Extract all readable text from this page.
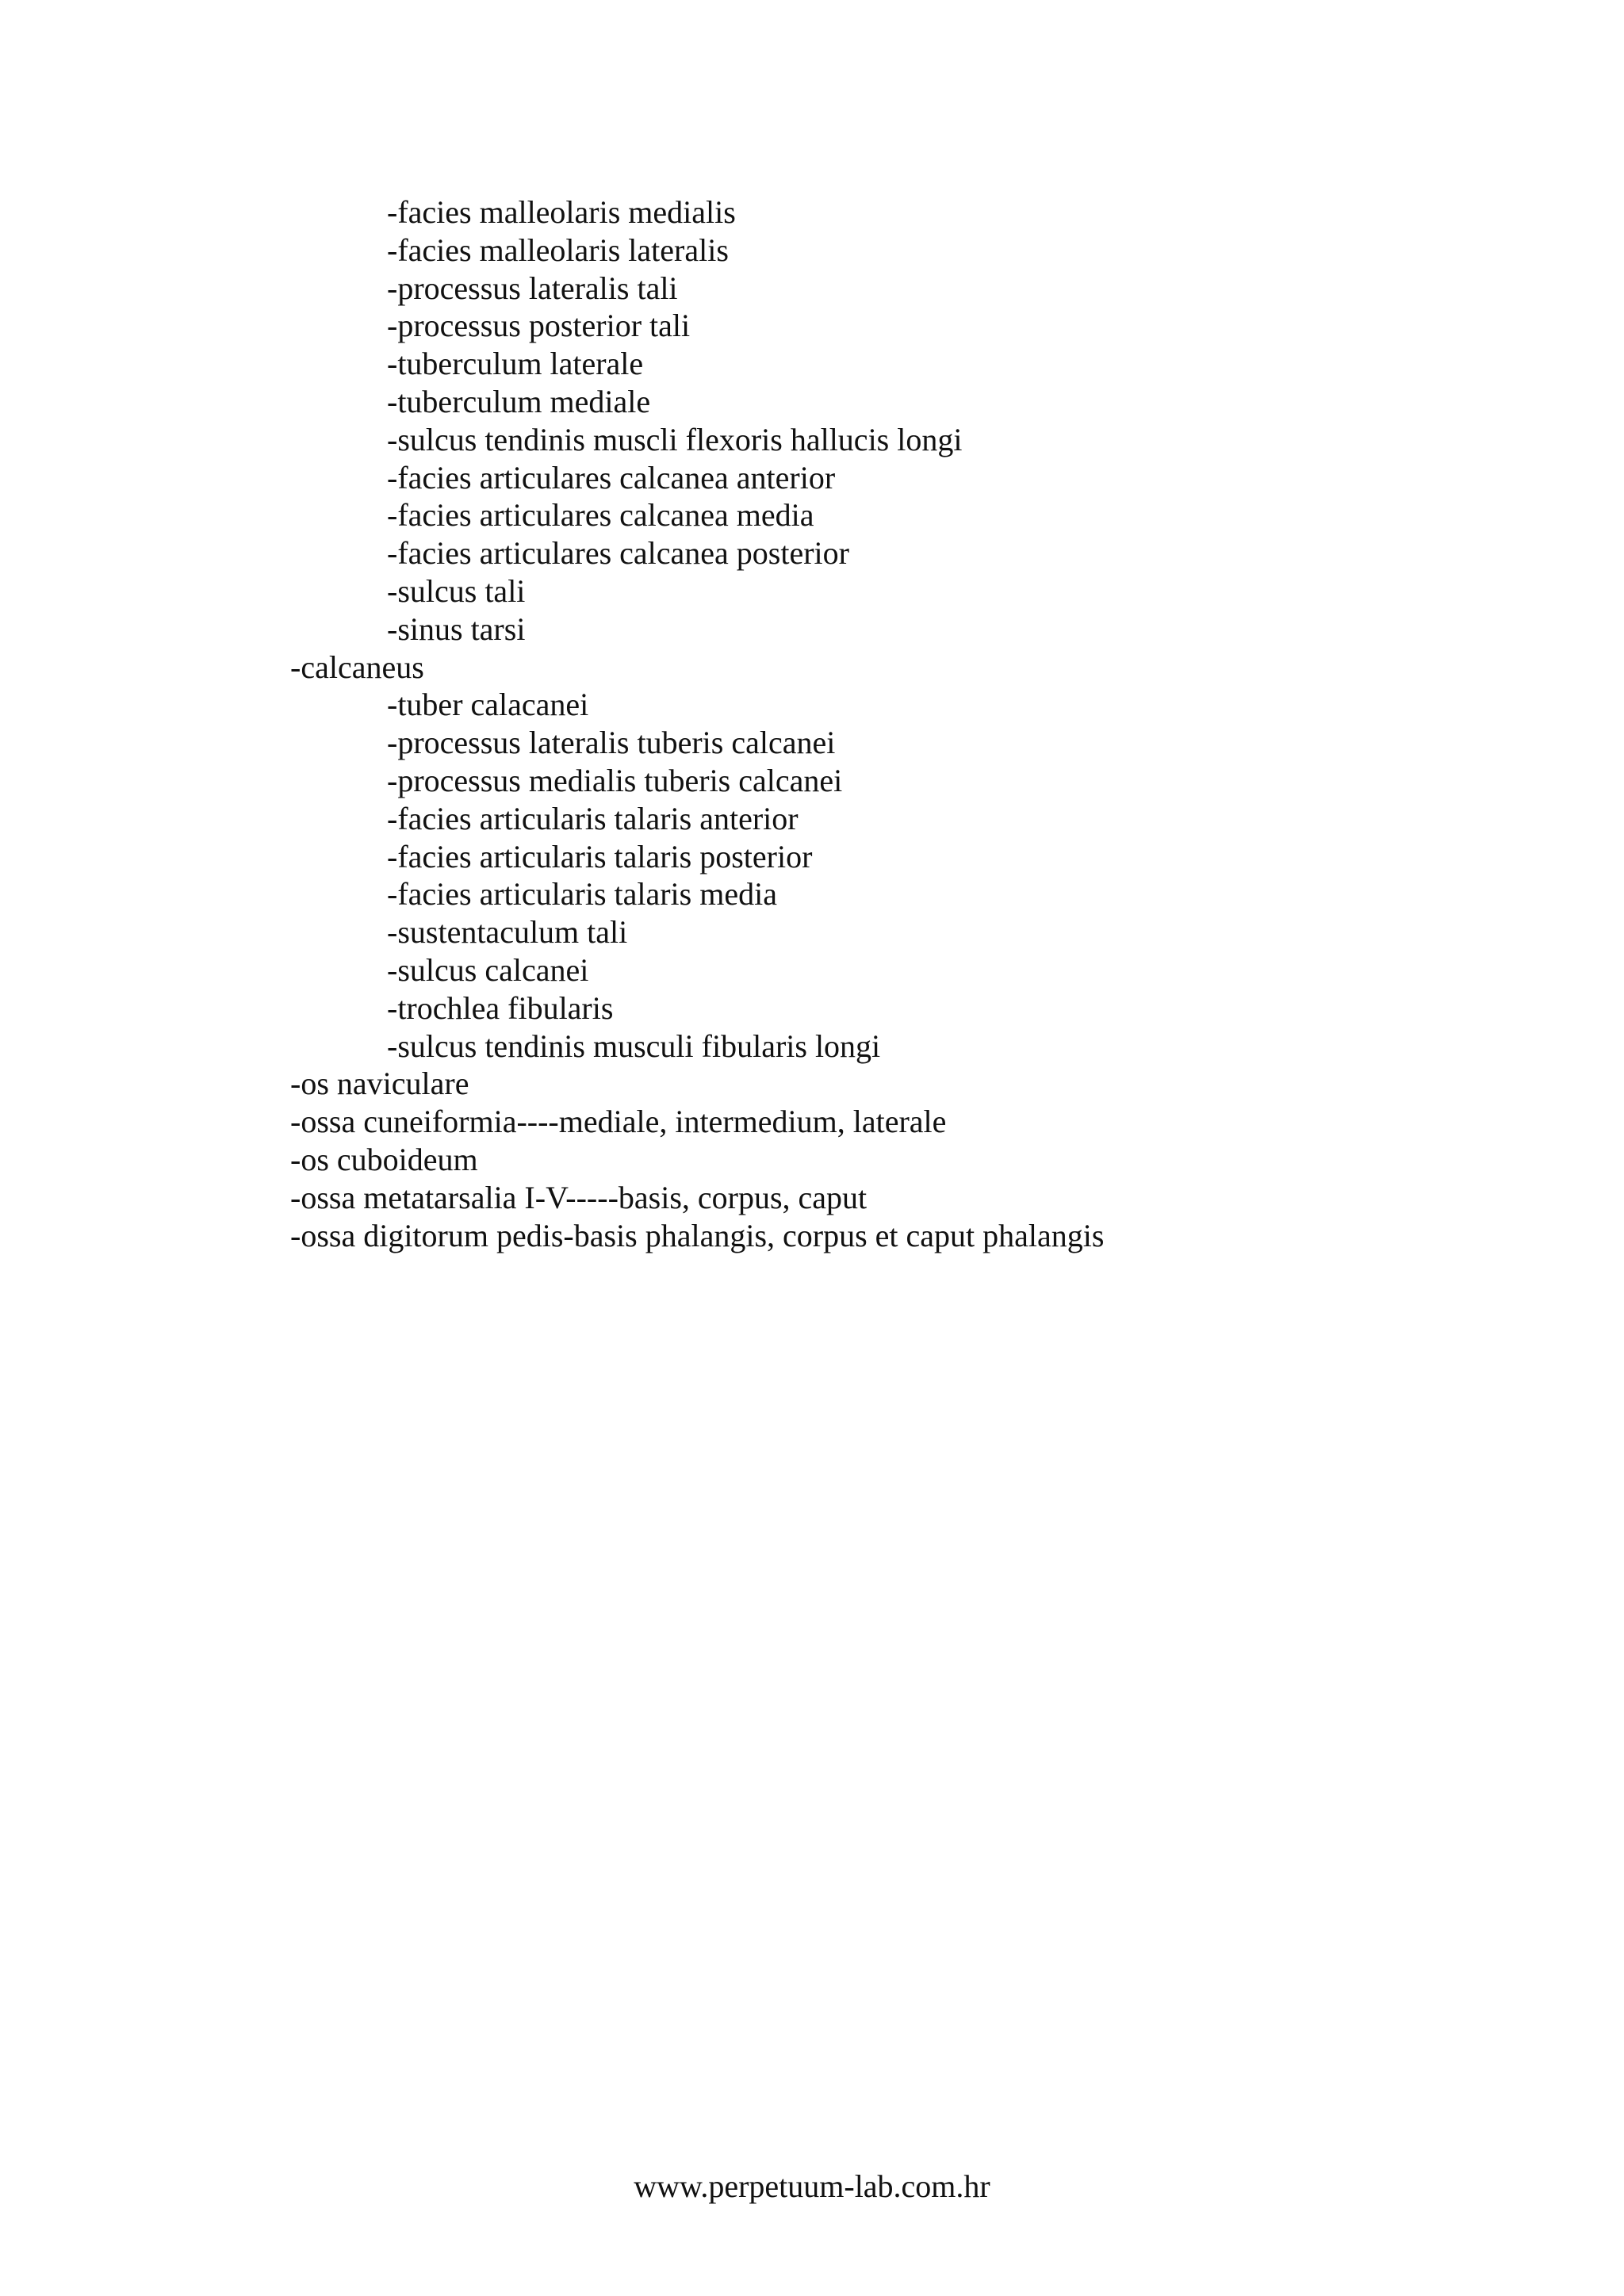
-facies malleolaris medialis
-facies malleolaris lateralis
-processus lateralis tali
-processus posterior tali
-tuberculum laterale
-tuberculum mediale
-sulcus tendinis muscli flexoris hallucis longi
-facies articulares calcanea anterior
-facies articulares calcanea media
-facies articulares calcanea posterior
-sulcus tali
-sinus tarsi
-calcaneus
-tuber calacanei
-processus lateralis tuberis calcanei
-processus medialis tuberis calcanei
-facies articularis talaris anterior
-facies articularis talaris posterior
-facies articularis talaris media
-sustentaculum tali
-sulcus calcanei
-trochlea fibularis
-sulcus tendinis musculi fibularis longi
-os naviculare
-ossa cuneiformia----mediale, intermedium, laterale
-os cuboideum
-ossa metatarsalia I-V-----basis, corpus, caput
-ossa digitorum pedis-basis phalangis, corpus et caput phalangis
www.perpetuum-lab.com.hr
